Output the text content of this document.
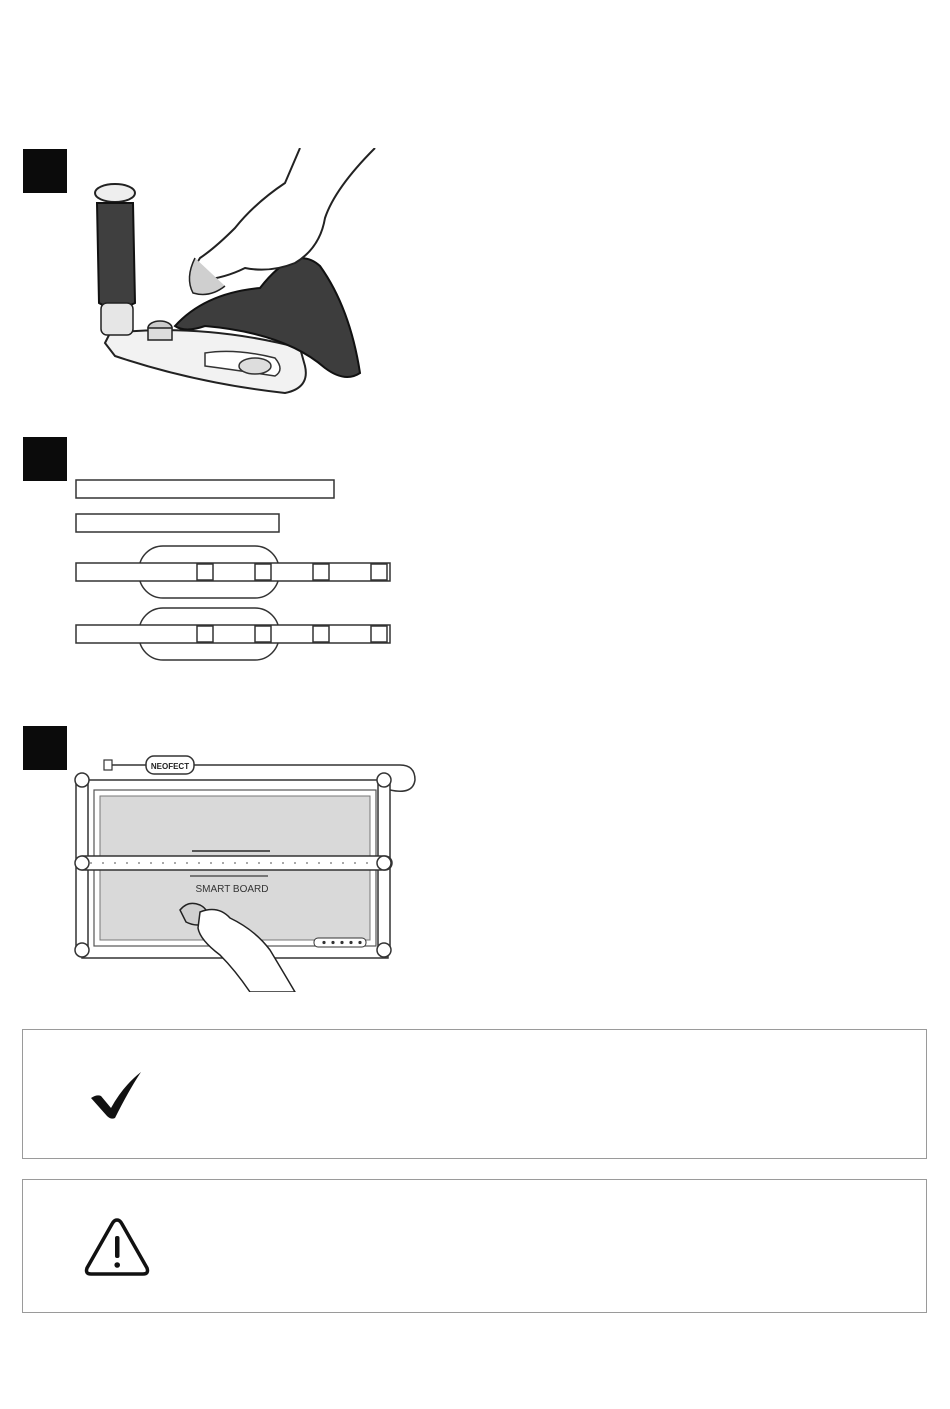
NEOFECT
SMART BOARD
